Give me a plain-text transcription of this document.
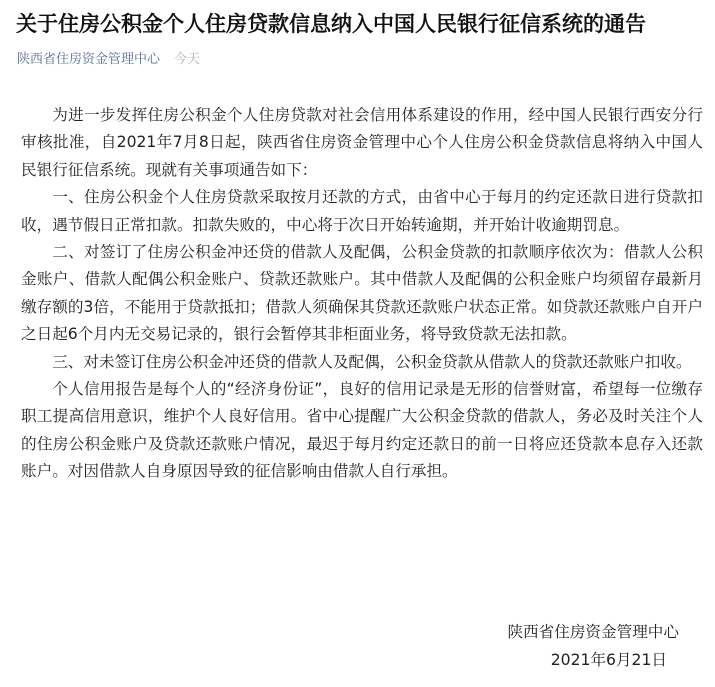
关于住房公积金个人住房贷款信息纳入中国人民银行征信系统的通告
陕西省住房资金管理中心 今天

为进一步发挥住房公积金个人住房贷款对社会信用体系建设的作用，经中国人民银行西安分行审核批准，自2021年7月8日起，陕西省住房资金管理中心个人住房公积金贷款信息将纳入中国人民银行征信系统。现就有关事项通告如下：

一、住房公积金个人住房贷款采取按月还款的方式，由省中心于每月的约定还款日进行贷款扣收，遇节假日正常扣款。扣款失败的，中心将于次日开始转逾期，并开始计收逾期罚息。

二、对签订了住房公积金冲还贷的借款人及配偶，公积金贷款的扣款顺序依次为：借款人公积金账户、借款人配偶公积金账户、贷款还款账户。其中借款人及配偶的公积金账户均须留存最新月缴存额的3倍，不能用于贷款抵扣；借款人须确保其贷款还款账户状态正常。如贷款还款账户自开户之日起6个月内无交易记录的，银行会暂停其非柜面业务，将导致贷款无法扣款。

三、对未签订住房公积金冲还贷的借款人及配偶，公积金贷款从借款人的贷款还款账户扣收。

个人信用报告是每个人的“经济身份证”，良好的信用记录是无形的信誉财富，希望每一位缴存职工提高信用意识，维护个人良好信用。省中心提醒广大公积金贷款的借款人，务必及时关注个人的住房公积金账户及贷款还款账户情况，最迟于每月约定还款日的前一日将应还贷款本息存入还款账户。对因借款人自身原因导致的征信影响由借款人自行承担。

陕西省住房资金管理中心
2021年6月21日
